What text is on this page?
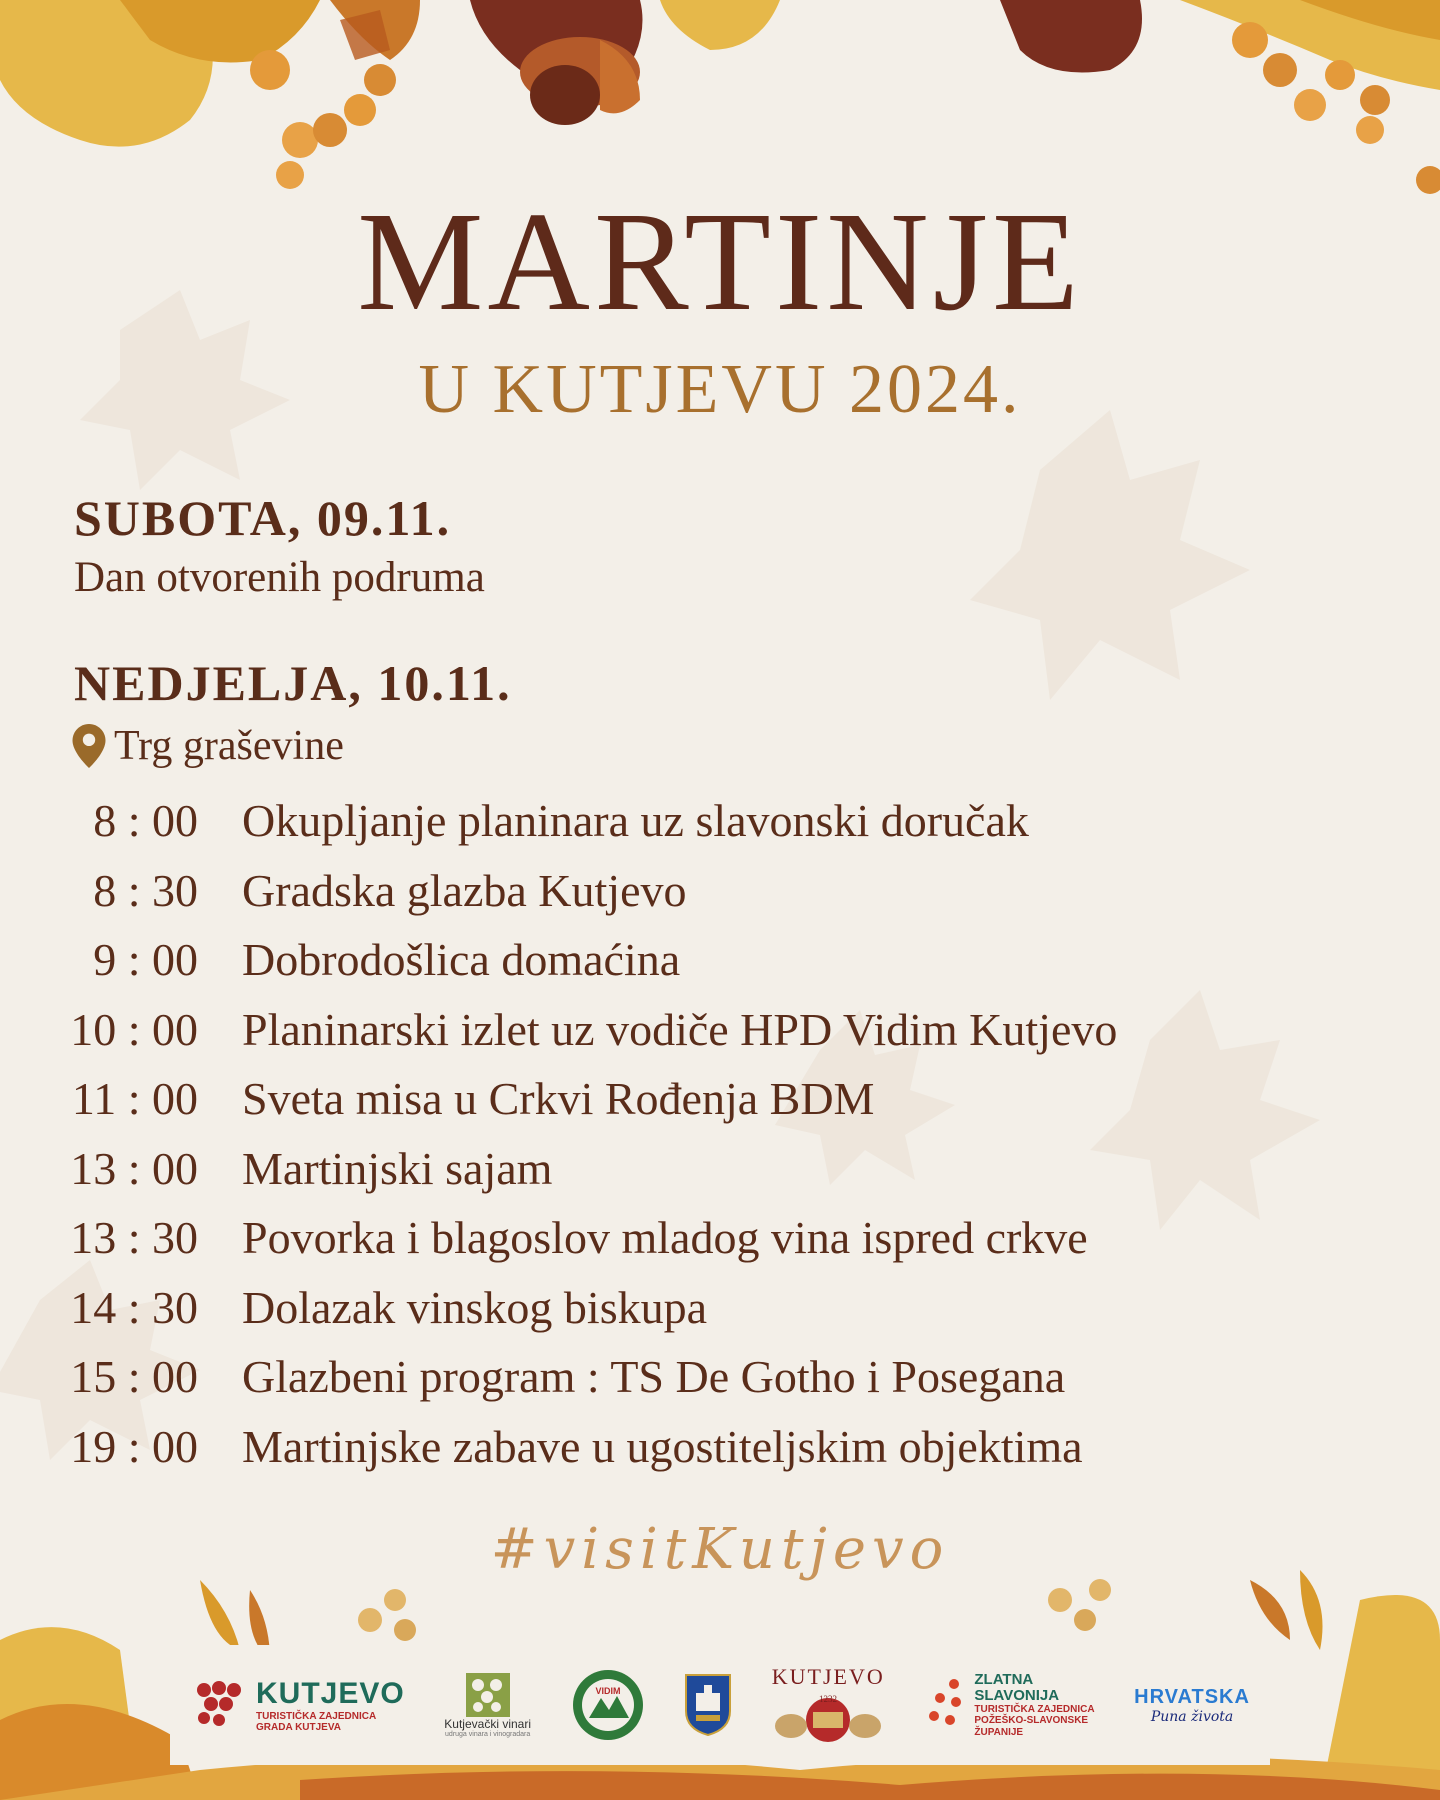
MARTINJE
U KUTJEVU 2024.
SUBOTA, 09.11.
Dan otvorenih podruma
NEDJELJA, 10.11.
Trg graševine
8 : 00 Okupljanje planinara uz slavonski doručak
8 : 30 Gradska glazba Kutjevo
9 : 00 Dobrodošlica domaćina
10 : 00 Planinarski izlet uz vodiče HPD Vidim Kutjevo
11 : 00 Sveta misa u Crkvi Rođenja BDM
13 : 00 Martinjski sajam
13 : 30 Povorka i blagoslov mladog vina ispred crkve
14 : 30 Dolazak vinskog biskupa
15 : 00 Glazbeni program : TS De Gotho i Posegana
19 : 00 Martinjske zabave u ugostiteljskim objektima
#visitKutjevo
KUTJEVO
TURISTIČKA ZAJEDNICA
GRADA KUTJEVA	Kutjevački vinari
udruga vinara i vinogradara
VIDIM
KUTJEVO
1232
ZLATNA
SLAVONIJA
TURISTIČKA ZAJEDNICA
POŽEŠKO-SLAVONSKE
ŽUPANIJE
HRVATSKA
Puna života
